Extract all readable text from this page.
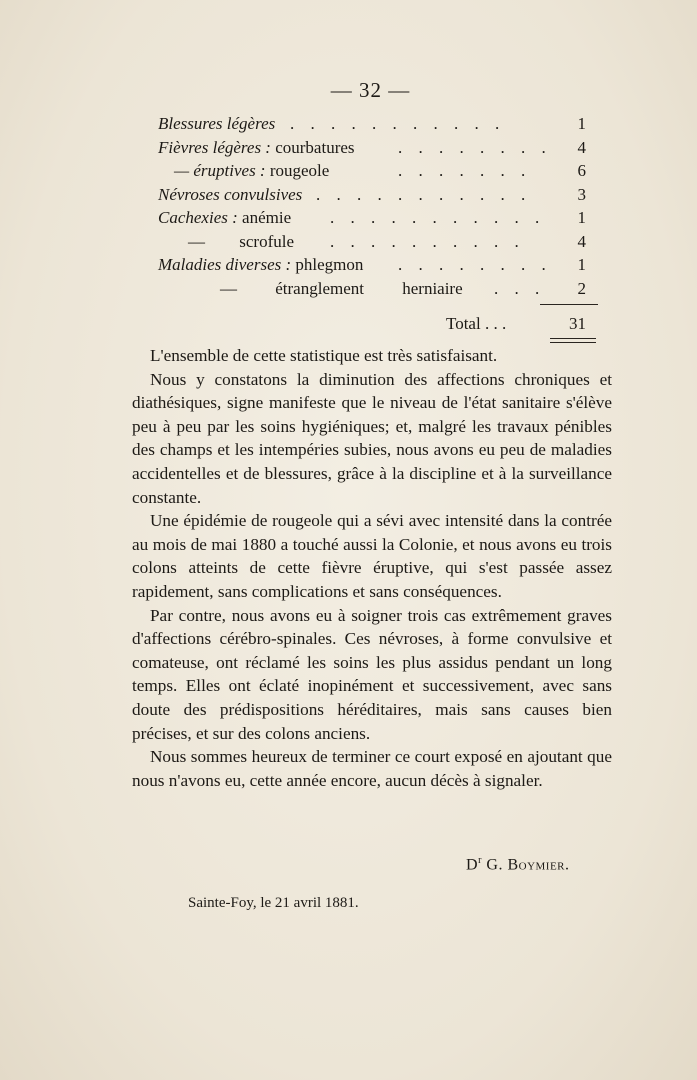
— 32 —
Blessures légères . . . . . . . . . . .	1
Fièvres légères : courbatures	. . . . . . . .	4
— éruptives : rougeole	. . . . . . .	6
Névroses convulsives . . . . . . . . . . .	3
Cachexies : anémie . . . . . . . . . . .	1
— scrofule . . . . . . . . . .	4
Maladies diverses : phlegmon . . . . . . . .	1
— étranglement herniaire . . .	2
Total . . .	31

L'ensemble de cette statistique est très satisfaisant.

Nous y constatons la diminution des affections chroniques et diathésiques, signe manifeste que le niveau de l'état sanitaire s'élève peu à peu par les soins hygiéniques; et, malgré les travaux pénibles des champs et les intempéries subies, nous avons eu peu de maladies accidentelles et de blessures, grâce à la discipline et à la surveillance constante.

Une épidémie de rougeole qui a sévi avec intensité dans la contrée au mois de mai 1880 a touché aussi la Colonie, et nous avons eu trois colons atteints de cette fièvre éruptive, qui s'est passée assez rapidement, sans complications et sans conséquences.

Par contre, nous avons eu à soigner trois cas extrêmement graves d'affections cérébro-spinales. Ces névroses, à forme convulsive et comateuse, ont réclamé les soins les plus assidus pendant un long temps. Elles ont éclaté inopinément et successivement, avec sans doute des prédispositions héréditaires, mais sans causes bien précises, et sur des colons anciens.

Nous sommes heureux de terminer ce court exposé en ajoutant que nous n'avons eu, cette année encore, aucun décès à signaler.

$D^r$ G. Boymier.
Sainte-Foy, le 21 avril 1881.
